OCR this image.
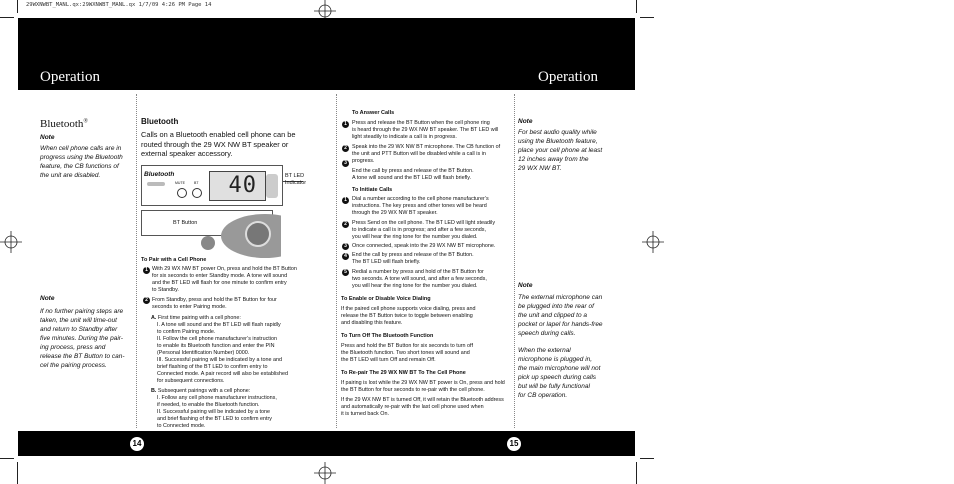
29WXNWBT_MANL.qx:29WXNWBT_MANL.qx 1/7/09 4:26 PM Page 14
Operation	Operation
Bluetooth®
Note
When cell phone calls are in
progress using the Bluetooth
feature, the CB functions of
the unit are disabled.
Note
If no further pairing steps are
taken, the unit will time-out
and return to Standby after
five minutes. During the pair-
ing process, press and
release the BT Button to can-
cel the pairing process.
Bluetooth
Calls on a Bluetooth enabled cell phone can be
routed through the 29 WX NW BT speaker or
external speaker accessory.
Bluetooth
MUTE	BT	40	BT LED
Indicator
BT Button
To Pair with a Cell Phone
1 With 29 WX NW BT power On, press and hold the BT Button
for six seconds to enter Standby mode. A tone will sound
and the BT LED will flash for one minute to confirm entry
to Standby.
2 From Standby, press and hold the BT Button for four
seconds to enter Pairing mode.
A. First time pairing with a cell phone:
I. A tone will sound and the BT LED will flash rapidly
to confirm Pairing mode.
II. Follow the cell phone manufacturer’s instruction
to enable its Bluetooth function and enter the PIN
(Personal Identification Number) 0000.
III. Successful pairing will be indicated by a tone and
brief flashing of the BT LED to confirm entry to
Connected mode. A pair record will also be established
for subsequent connections.
B. Subsequent pairings with a cell phone:
I. Follow any cell phone manufacturer instructions,
if needed, to enable the Bluetooth function.
II. Successful pairing will be indicated by a tone
and brief flashing of the BT LED to confirm entry
to Connected mode.
To Answer Calls
1 Press and release the BT Button when the cell phone ring
is heard through the 29 WX NW BT speaker. The BT LED will
light steadily to indicate a call is in progress.
2 Speak into the 29 WX NW BT microphone. The CB function of
the unit and PTT Button will be disabled while a call is in
progress.
3
End the call by press and release of the BT Button.
A tone will sound and the BT LED will flash briefly.
To Initiate Calls
1 Dial a number according to the cell phone manufacturer’s
instructions. The key press and other tones will be heard
through the 29 WX NW BT speaker.
2 Press Send on the cell phone. The BT LED will light steadily
to indicate a call is in progress; and after a few seconds,
you will hear the ring tone for the number you dialed.
3 Once connected, speak into the 29 WX NW BT microphone.
4 End the call by press and release of the BT Button.
The BT LED will flash briefly.
5 Redial a number by press and hold of the BT Button for
two seconds. A tone will sound, and after a few seconds,
you will hear the ring tone for the number you dialed.
To Enable or Disable Voice Dialing
If the paired cell phone supports voice dialing, press and
release the BT Button twice to toggle between enabling
and disabling this feature.
To Turn Off The Bluetooth Function
Press and hold the BT Button for six seconds to turn off
the Bluetooth function. Two short tones will sound and
the BT LED will turn Off and remain Off.
To Re-pair The 29 WX NW BT To The Cell Phone
If pairing is lost while the 29 WX NW BT power is On, press and hold
the BT Button for four seconds to re-pair with the cell phone.
If the 29 WX NW BT is turned Off, it will retain the Bluetooth address
and automatically re-pair with the last cell phone used when
it is turned back On.
Note
For best audio quality while
using the Bluetooth feature,
place your cell phone at least
12 inches away from the
29 WX NW BT.
Note
The external microphone can
be plugged into the rear of
the unit and clipped to a
pocket or lapel for hands-free
speech during calls.
When the external
microphone is plugged in,
the main microphone will not
pick up speech during calls
but will be fully functional
for CB operation.
14	15
